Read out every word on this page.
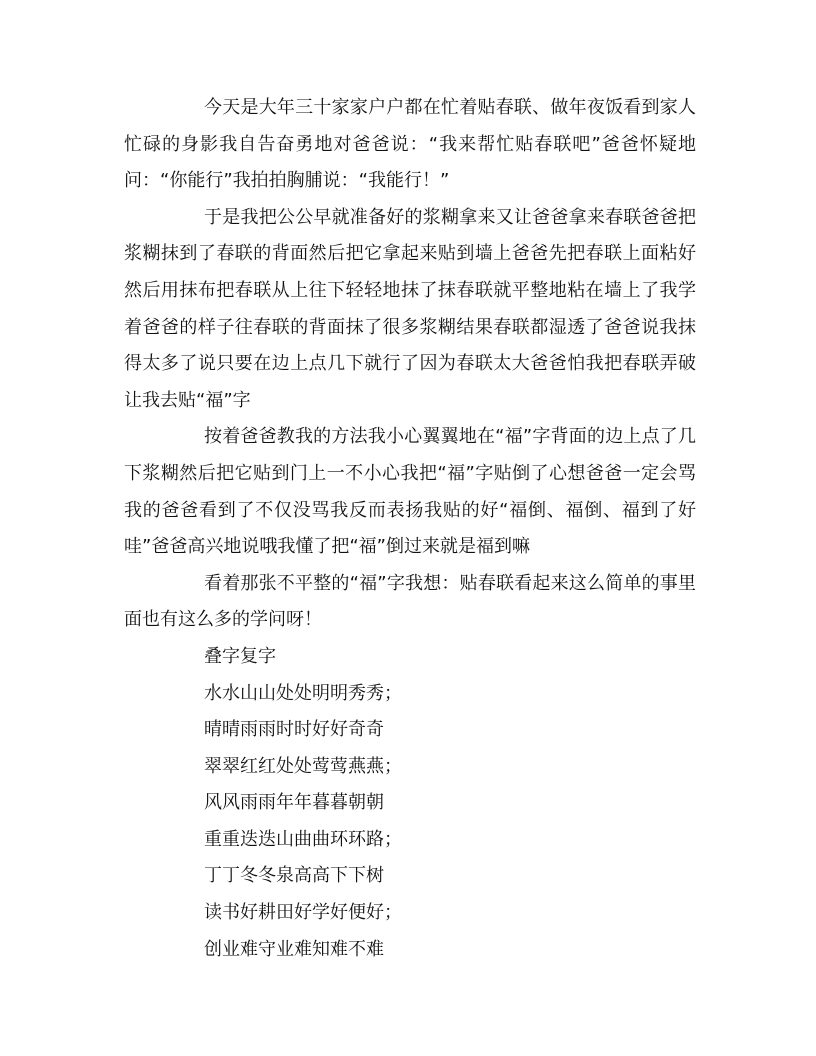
今天是大年三十家家户户都在忙着贴春联、做年夜饭看到家人忙碌的身影我自告奋勇地对爸爸说：“我来帮忙贴春联吧”爸爸怀疑地问：“你能行”我拍拍胸脯说：“我能行！”

于是我把公公早就准备好的浆糊拿来又让爸爸拿来春联爸爸把浆糊抹到了春联的背面然后把它拿起来贴到墙上爸爸先把春联上面粘好然后用抹布把春联从上往下轻轻地抹了抹春联就平整地粘在墙上了我学着爸爸的样子往春联的背面抹了很多浆糊结果春联都湿透了爸爸说我抹得太多了说只要在边上点几下就行了因为春联太大爸爸怕我把春联弄破让我去贴“福”字

按着爸爸教我的方法我小心翼翼地在“福”字背面的边上点了几下浆糊然后把它贴到门上一不小心我把“福”字贴倒了心想爸爸一定会骂我的爸爸看到了不仅没骂我反而表扬我贴的好“福倒、福倒、福到了好哇”爸爸高兴地说哦我懂了把“福”倒过来就是福到嘛

看着那张不平整的“福”字我想：贴春联看起来这么简单的事里面也有这么多的学问呀！

叠字复字
水水山山处处明明秀秀；
晴晴雨雨时时好好奇奇
翠翠红红处处莺莺燕燕；
风风雨雨年年暮暮朝朝
重重迭迭山曲曲环环路；
丁丁冬冬泉高高下下树
读书好耕田好学好便好；
创业难守业难知难不难
